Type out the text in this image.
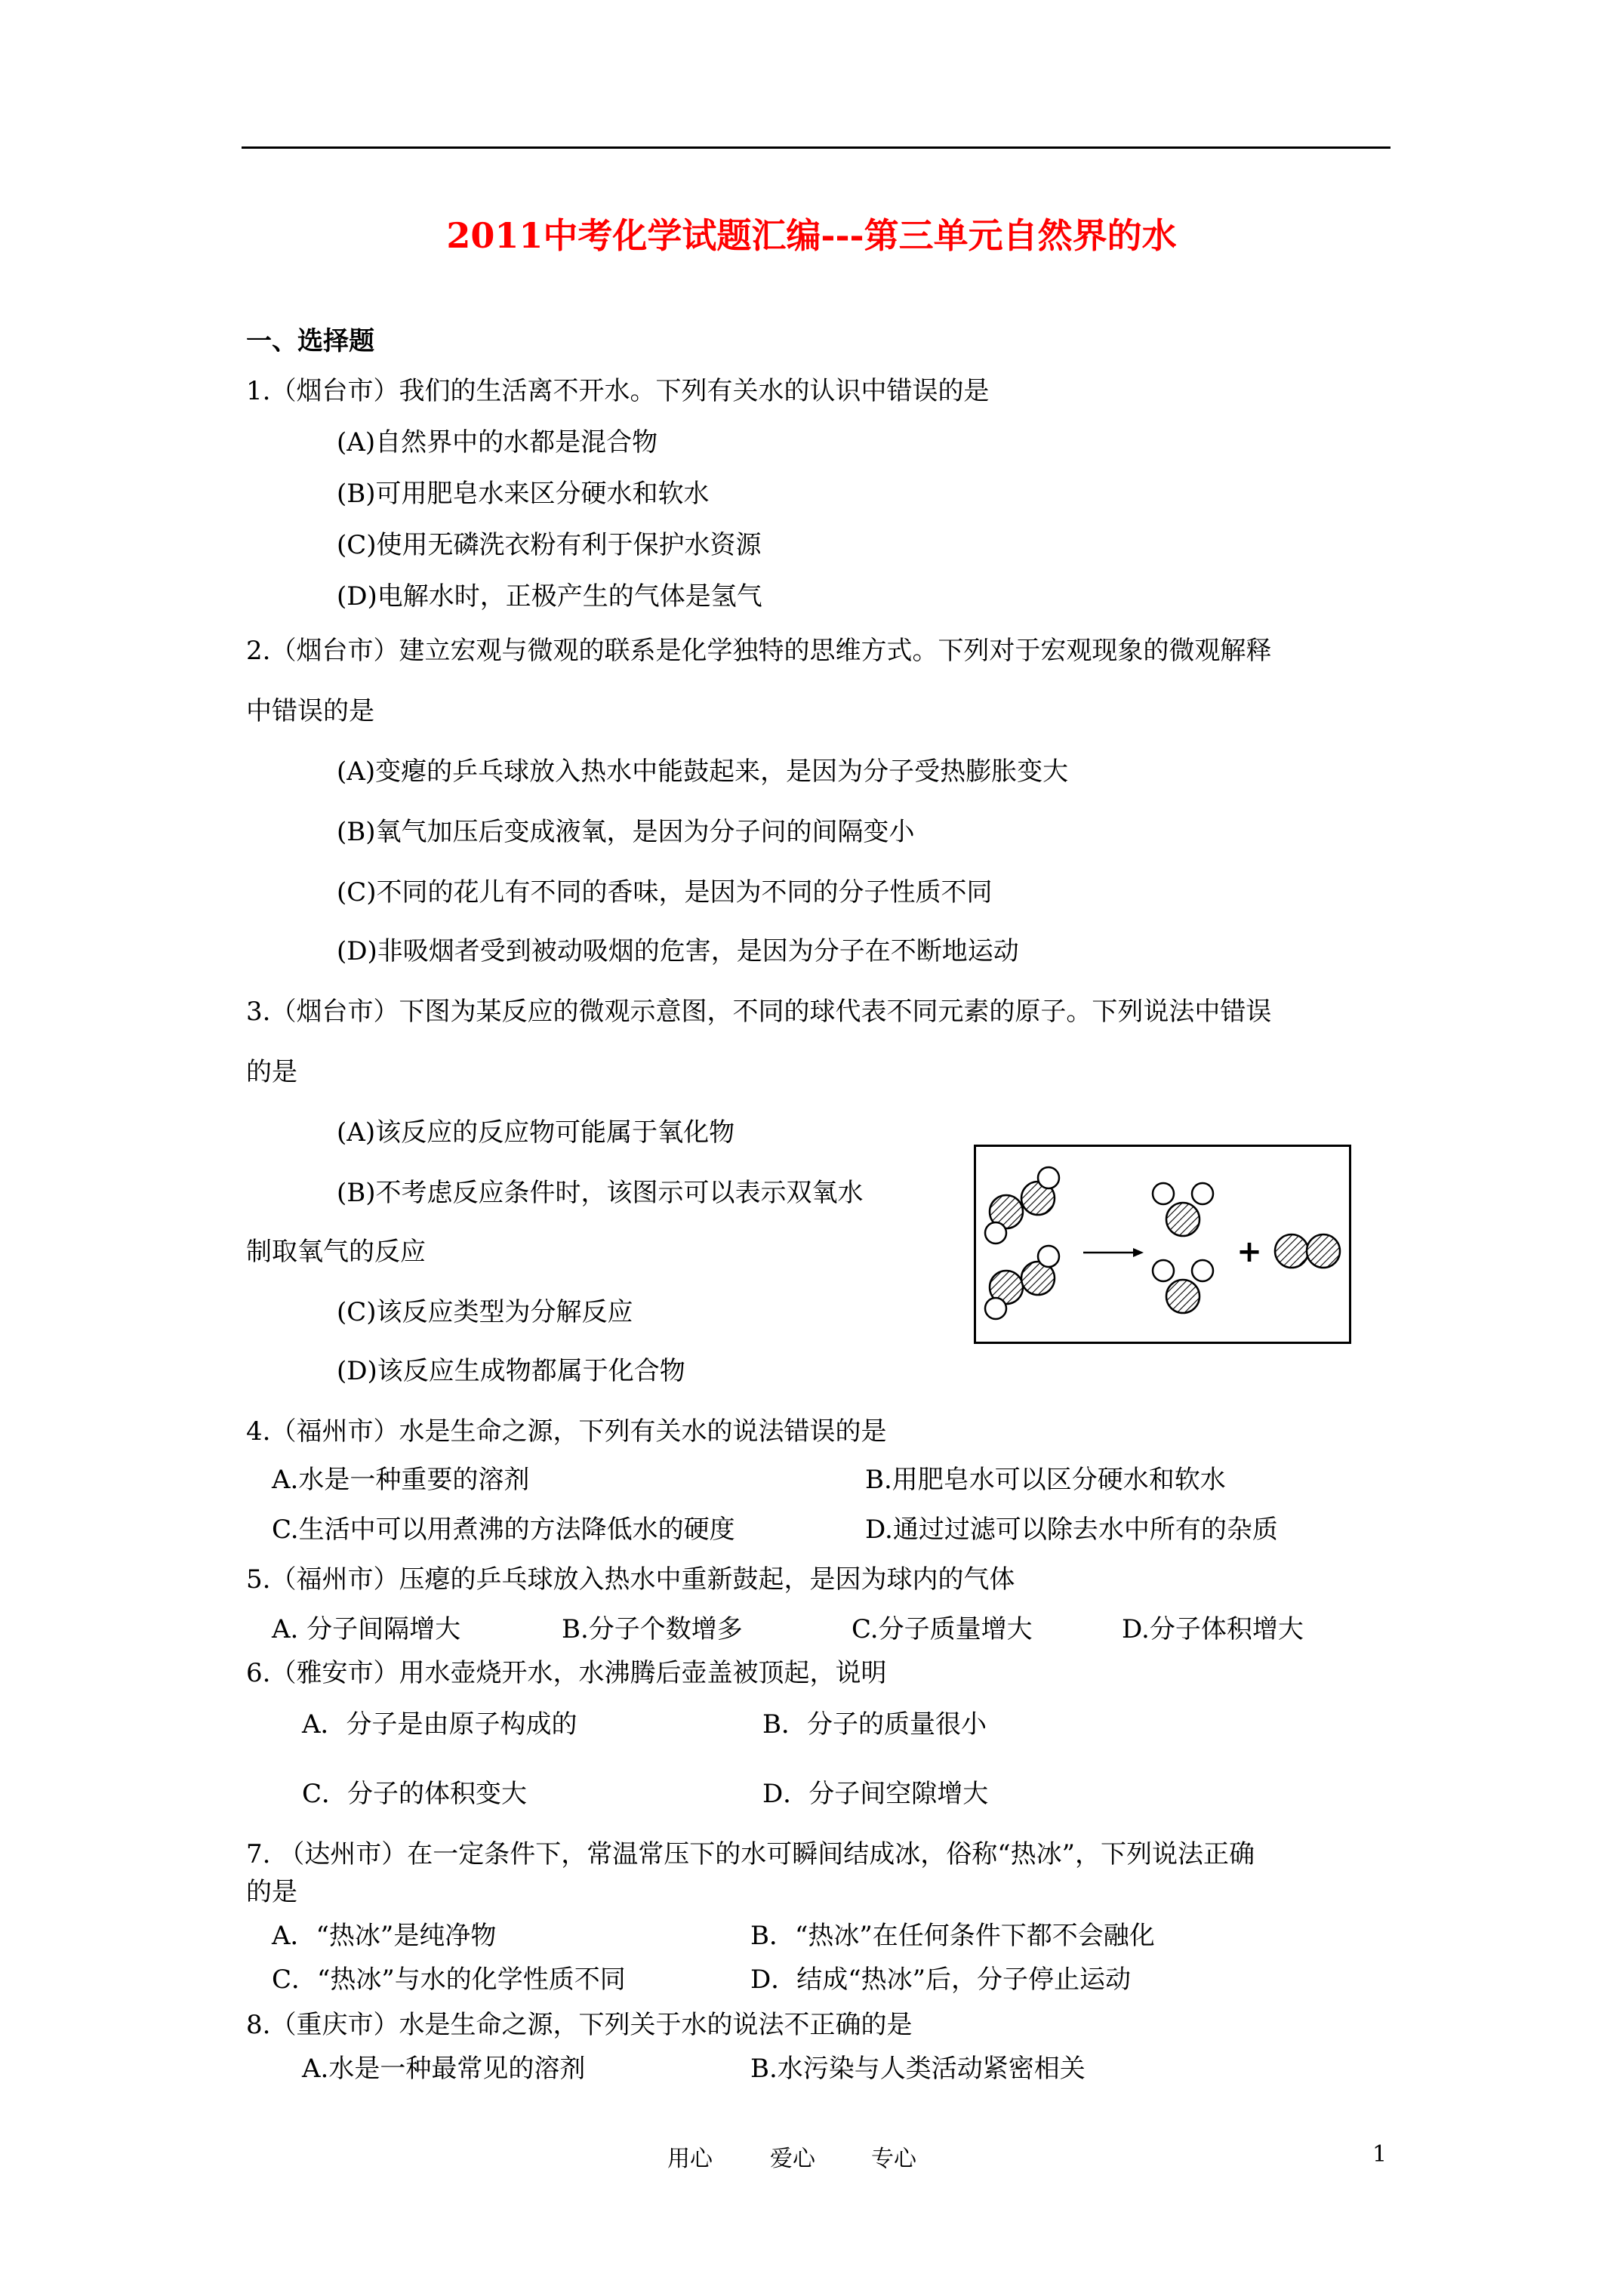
2011中考化学试题汇编---第三单元自然界的水
一、选择题
1.（烟台市）我们的生活离不开水。下列有关水的认识中错误的是
(A)自然界中的水都是混合物
(B)可用肥皂水来区分硬水和软水
(C)使用无磷洗衣粉有利于保护水资源
(D)电解水时，正极产生的气体是氢气
2.（烟台市）建立宏观与微观的联系是化学独特的思维方式。下列对于宏观现象的微观解释
中错误的是
(A)变瘪的乒乓球放入热水中能鼓起来，是因为分子受热膨胀变大
(B)氧气加压后变成液氧，是因为分子问的间隔变小
(C)不同的花儿有不同的香味，是因为不同的分子性质不同
(D)非吸烟者受到被动吸烟的危害，是因为分子在不断地运动
3.（烟台市）下图为某反应的微观示意图，不同的球代表不同元素的原子。下列说法中错误
的是
(A)该反应的反应物可能属于氧化物
(B)不考虑反应条件时，该图示可以表示双氧水
制取氧气的反应
(C)该反应类型为分解反应
(D)该反应生成物都属于化合物
+
4.（福州市）水是生命之源，下列有关水的说法错误的是
A.水是一种重要的溶剂	B.用肥皂水可以区分硬水和软水
C.生活中可以用煮沸的方法降低水的硬度	D.通过过滤可以除去水中所有的杂质
5.（福州市）压瘪的乒乓球放入热水中重新鼓起，是因为球内的气体
A. 分子间隔增大	B.分子个数增多	C.分子质量增大	D.分子体积增大
6.（雅安市）用水壶烧开水，水沸腾后壶盖被顶起，说明
A．分子是由原子构成的	B．分子的质量很小
C．分子的体积变大	D．分子间空隙增大
7. （达州市）在一定条件下，常温常压下的水可瞬间结成冰，俗称“热冰”，下列说法正确
的是
A．“热冰”是纯净物	B．“热冰”在任何条件下都不会融化
C．“热冰”与水的化学性质不同	D．结成“热冰”后，分子停止运动
8.（重庆市）水是生命之源，下列关于水的说法不正确的是
A.水是一种最常见的溶剂	B.水污染与人类活动紧密相关
用心	爱心 专心	1
